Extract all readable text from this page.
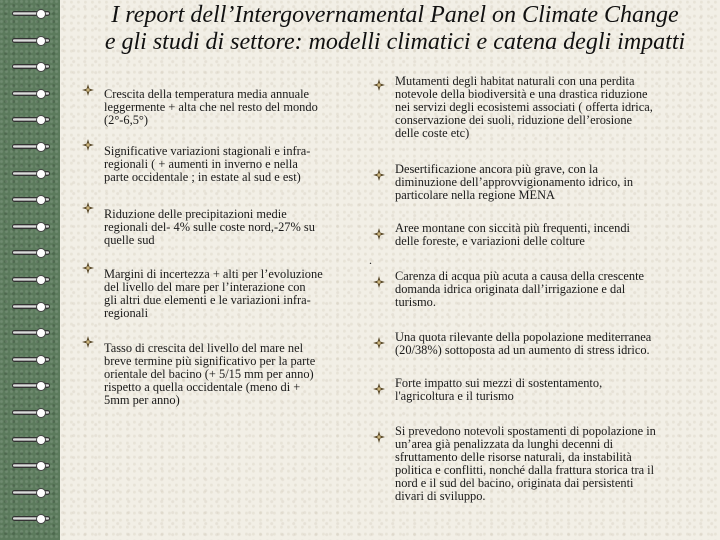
I report dell’Intergovernamental Panel on Climate Change
e gli studi di settore: modelli climatici e catena degli impatti
Crescita della temperatura media annuale
leggermente + alta che nel resto del mondo
(2°-6,5°)
Significative variazioni stagionali e infra-
regionali ( + aumenti in inverno e nella
parte occidentale ; in estate al sud e est)
Riduzione delle precipitazioni medie
regionali del- 4% sulle coste nord,-27% su
quelle sud
Margini di incertezza + alti per l’evoluzione
del livello del mare per l’interazione con
gli altri due elementi e le variazioni infra-
regionali
Tasso di crescita del livello del mare nel
breve termine più significativo per la parte
orientale del bacino (+ 5/15 mm per anno)
rispetto a quella occidentale (meno di +
5mm per anno)
Mutamenti degli habitat naturali con una perdita
notevole della biodiversità e una drastica riduzione
nei servizi degli ecosistemi associati ( offerta idrica,
conservazione dei suoli, riduzione dell’erosione
delle coste etc)
Desertificazione ancora più grave, con la
diminuzione dell’approvvigionamento idrico, in
particolare nella regione MENA
Aree montane con siccità più frequenti, incendi
delle foreste, e variazioni delle colture
Carenza di acqua più acuta a causa della crescente
domanda idrica originata dall’irrigazione e dal
turismo.
Una quota rilevante della popolazione mediterranea
(20/38%) sottoposta ad un aumento di stress idrico.
Forte impatto sui mezzi di sostentamento,
l'agricoltura e il turismo
Si prevedono notevoli spostamenti di popolazione in
un’area già penalizzata da lunghi decenni di
sfruttamento delle risorse naturali, da instabilità
politica e conflitti, nonché dalla frattura storica tra il
nord e il sud del bacino, originata dai persistenti
divari di sviluppo.
.
